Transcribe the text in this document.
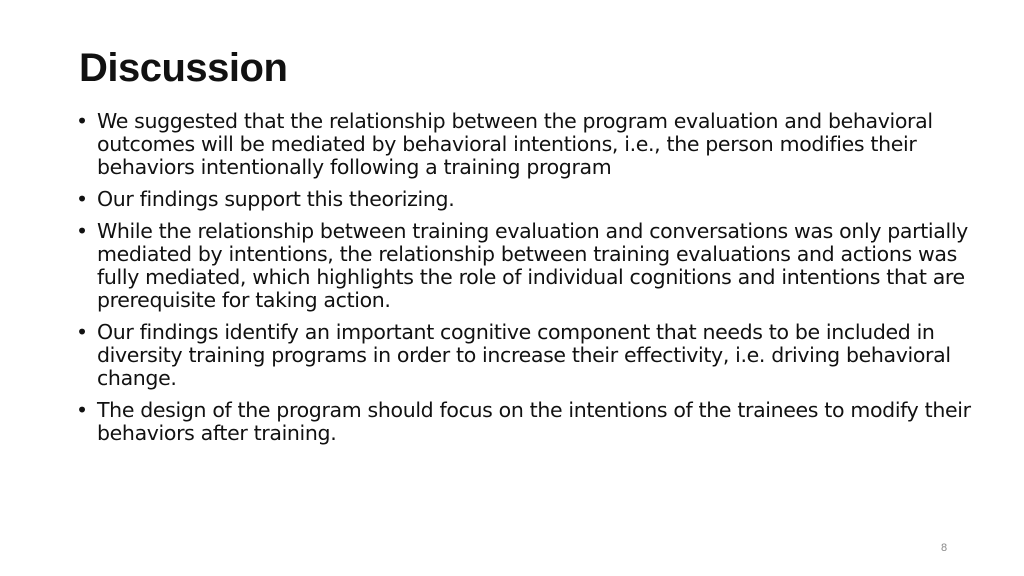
Discussion
• We suggested that the relationship between the program evaluation and behavioral outcomes will be mediated by behavioral intentions, i.e., the person modifies their behaviors intentionally following a training program
• Our findings support this theorizing.
• While the relationship between training evaluation and conversations was only partially mediated by intentions, the relationship between training evaluations and actions was fully mediated, which highlights the role of individual cognitions and intentions that are prerequisite for taking action.
• Our findings identify an important cognitive component that needs to be included in diversity training programs in order to increase their effectivity, i.e. driving behavioral change.
• The design of the program should focus on the intentions of the trainees to modify their behaviors after training.
8
